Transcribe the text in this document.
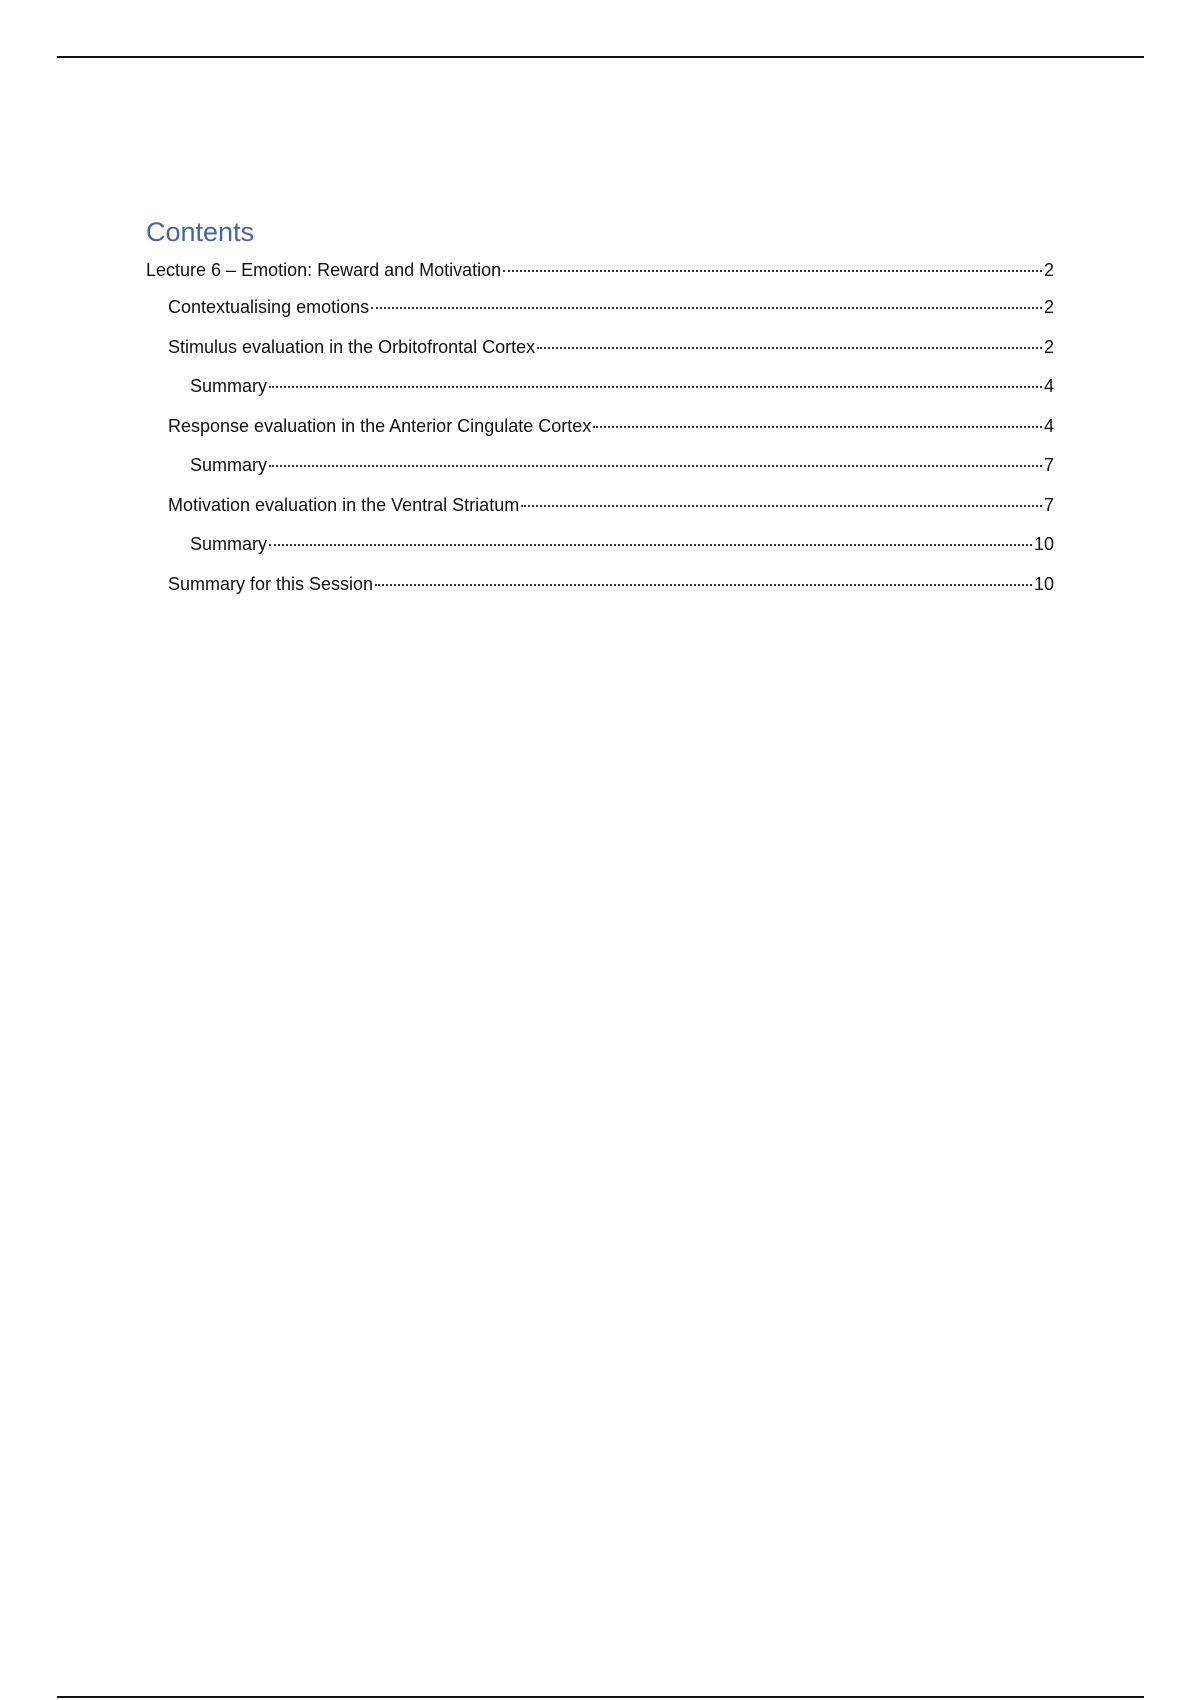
Contents
Lecture 6 – Emotion: Reward and Motivation	2
Contextualising emotions	2
Stimulus evaluation in the Orbitofrontal Cortex	2
Summary	4
Response evaluation in the Anterior Cingulate Cortex	4
Summary	7
Motivation evaluation in the Ventral Striatum	7
Summary	10
Summary for this Session	10
